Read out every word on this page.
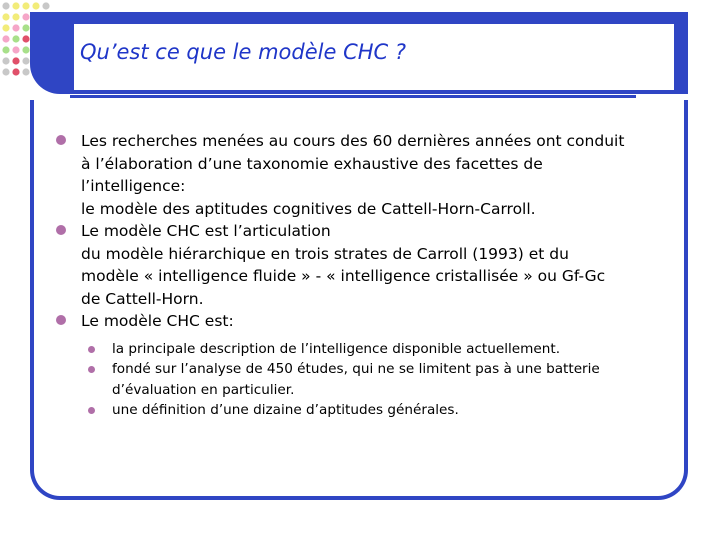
Qu’est ce que le modèle CHC ?
Les recherches menées au cours des 60 dernières années ont conduit
à l’élaboration d’une taxonomie exhaustive des facettes de
l’intelligence:
le modèle des aptitudes cognitives de Cattell-Horn-Carroll.
Le modèle CHC est l’articulation
du modèle hiérarchique en trois strates de Carroll (1993) et du
modèle « intelligence fluide » - « intelligence cristallisée » ou Gf-Gc
de Cattell-Horn.
Le modèle CHC est:
la principale description de l’intelligence disponible actuellement.
fondé sur l’analyse de 450 études, qui ne se limitent pas à une batterie
d’évaluation en particulier.
une définition d’une dizaine d’aptitudes générales.
